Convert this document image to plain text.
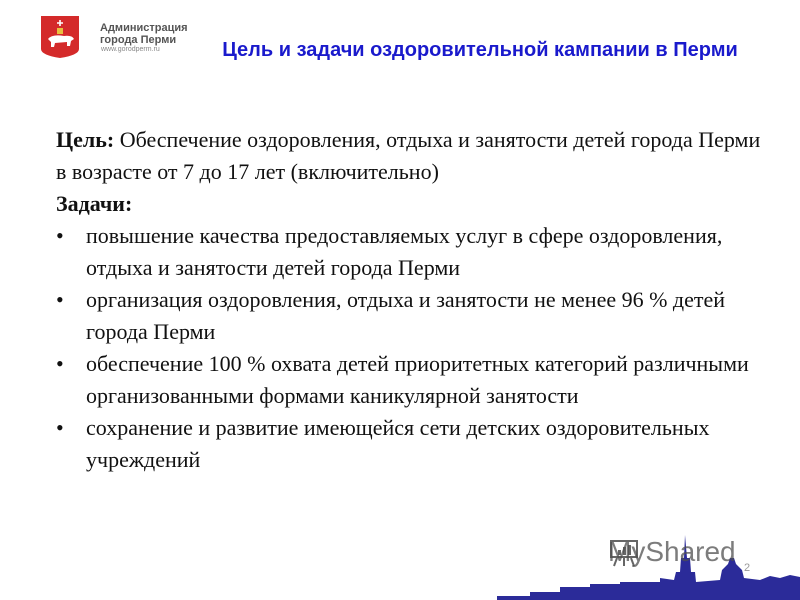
Администрация
города Перми
www.gorodperm.ru	Цель и задачи оздоровительной кампании в Перми

Цель: Обеспечение оздоровления, отдыха и занятости детей города Перми в возрасте от 7 до 17 лет (включительно)

Задачи:

• повышение качества предоставляемых услуг в сфере оздоровления, отдыха и занятости детей города Перми
• организация оздоровления, отдыха и занятости не менее 96 % детей города Перми
• обеспечение 100 % охвата детей приоритетных категорий различными организованными формами каникулярной занятости
• сохранение и развитие имеющейся сети детских оздоровительных учреждений
MyShared
2
